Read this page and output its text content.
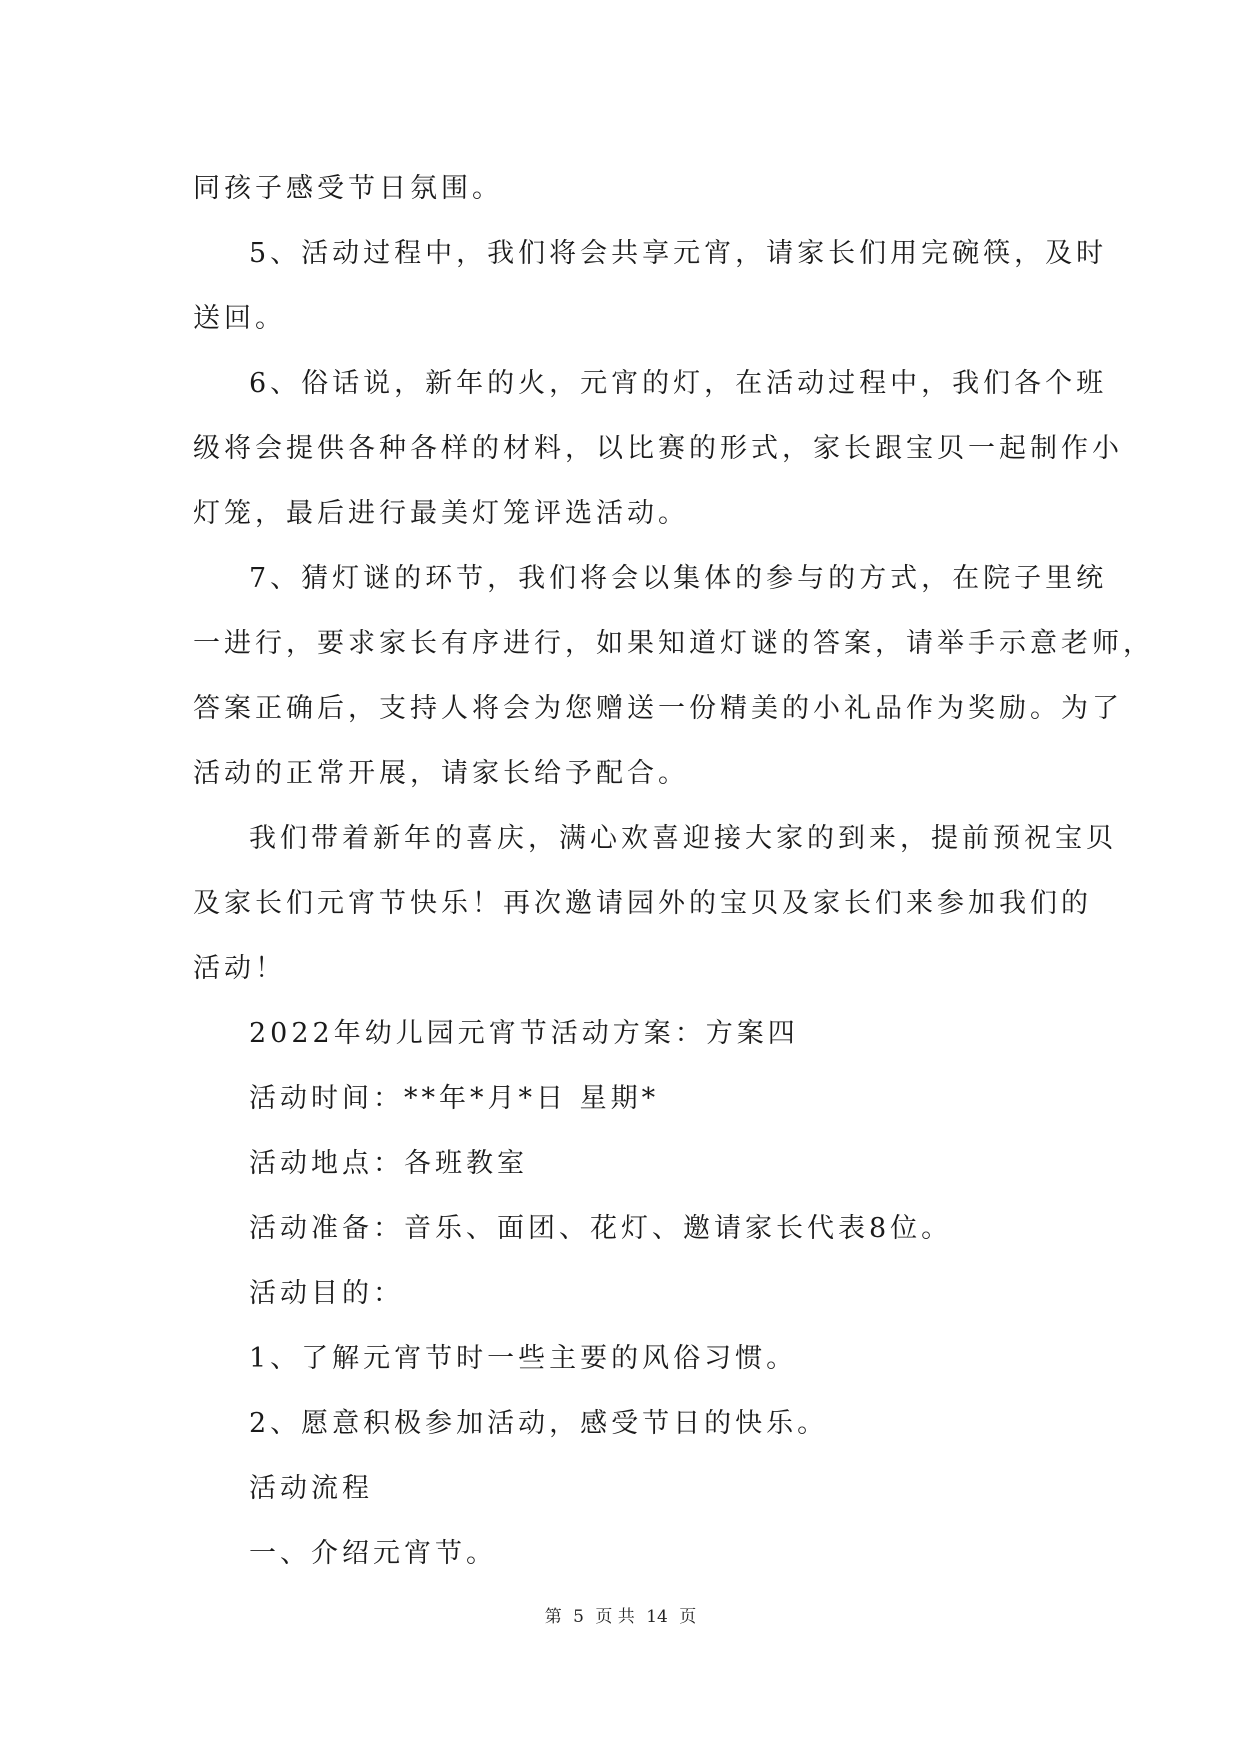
同孩子感受节日氛围。

5、活动过程中，我们将会共享元宵，请家长们用完碗筷，及时

送回。

6、俗话说，新年的火，元宵的灯，在活动过程中，我们各个班

级将会提供各种各样的材料，以比赛的形式，家长跟宝贝一起制作小

灯笼，最后进行最美灯笼评选活动。

7、猜灯谜的环节，我们将会以集体的参与的方式，在院子里统

一进行，要求家长有序进行，如果知道灯谜的答案，请举手示意老师，

答案正确后，支持人将会为您赠送一份精美的小礼品作为奖励。为了

活动的正常开展，请家长给予配合。

我们带着新年的喜庆，满心欢喜迎接大家的到来，提前预祝宝贝

及家长们元宵节快乐！再次邀请园外的宝贝及家长们来参加我们的

活动！

2022年幼儿园元宵节活动方案：方案四

活动时间：**年*月*日 星期*

活动地点：各班教室

活动准备：音乐、面团、花灯、邀请家长代表8位。

活动目的：

1、了解元宵节时一些主要的风俗习惯。

2、愿意积极参加活动，感受节日的快乐。

活动流程

一、介绍元宵节。

第 5 页 共 14 页
